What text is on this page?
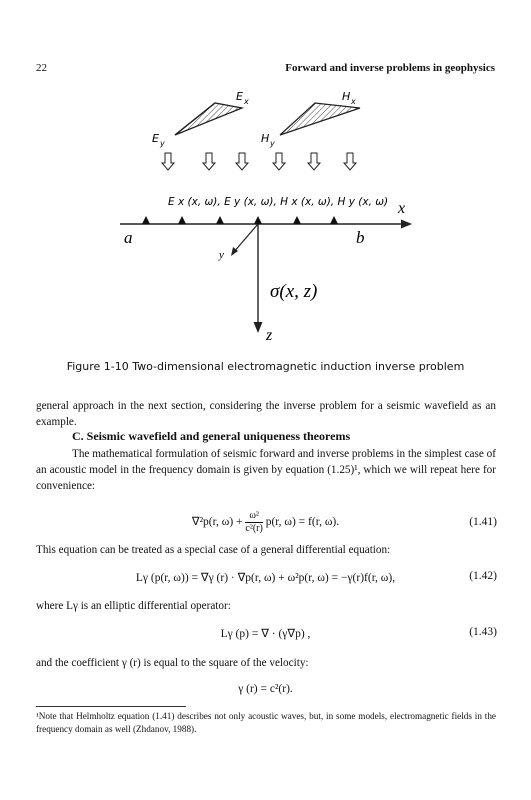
22	Forward and inverse problems in geophysics
E x
E y
H x
H y
E x (x, ω), E y (x, ω), H x (x, ω), H y (x, ω) x
a	b
y
z
σ(x, z)
Figure 1-10 Two-dimensional electromagnetic induction inverse problem
general approach in the next section, considering the inverse problem for a seismic wavefield as an example.
C. Seismic wavefield and general uniqueness theorems
The mathematical formulation of seismic forward and inverse problems in the simplest case of an acoustic model in the frequency domain is given by equation (1.25)¹, which we will repeat here for convenience:
∇²p(r, $\omega) + \frac{\text{ω²}}{\text{c²(r)}} p(r$, ω) = f(r, ω).	(1.41)
This equation can be treated as a special case of a general differential equation:
Lγ (p(r, ω)) = ∇γ (r) · ∇p(r, ω) + ω²p(r, ω) = −γ(r)f(r, ω),	(1.42)
where Lγ is an elliptic differential operator:
Lγ (p) = ∇ · (γ∇p) ,	(1.43)
and the coefficient γ (r) is equal to the square of the velocity:
γ (r) = c²(r).
¹Note that Helmholtz equation (1.41) describes not only acoustic waves, but, in some models, electromagnetic fields in the frequency domain as well (Zhdanov, 1988).
